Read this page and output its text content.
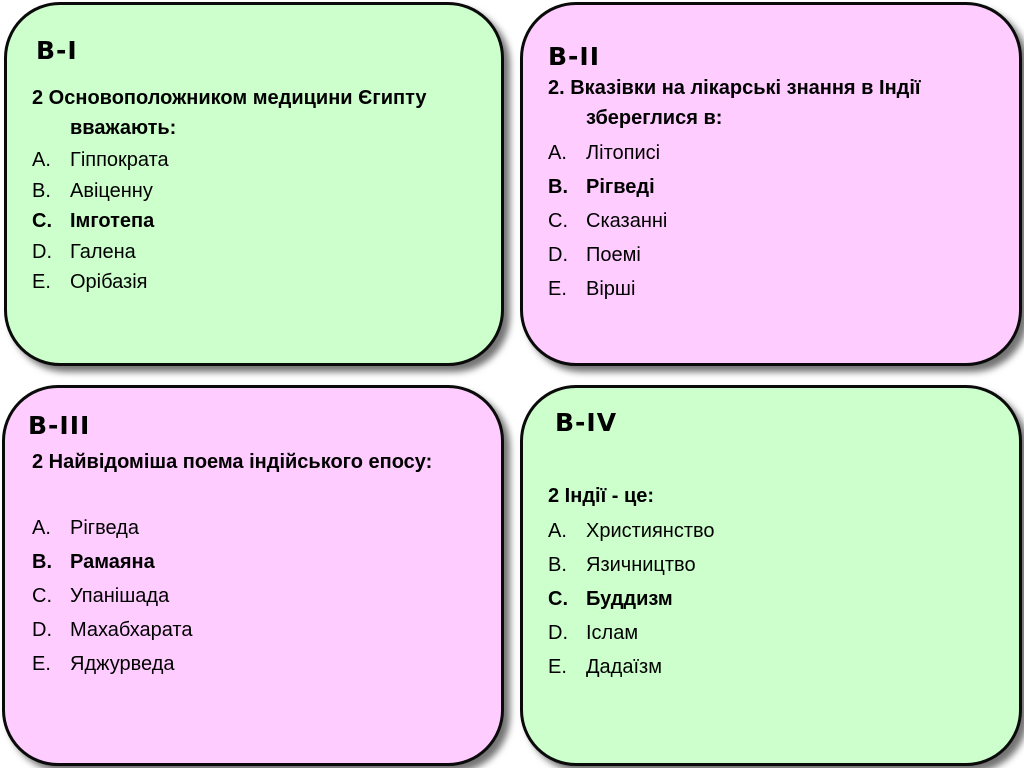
B-I
2 Основоположником медицини Єгипту вважають:
A. Гіппократа
B. Авіценну
C. Імготепа
D. Галена
E. Орібазія
B-II
2. Вказівки на лікарські знання в Індії збереглися в:
A. Літописі
B. Рігведі
C. Сказанні
D. Поемі
E. Вірші
B-III
2 Найвідоміша поема індійського епосу:
A. Рігведа
B. Рамаяна
C. Упанішада
D. Махабхарата
E. Яджурведа
B-IV
2 Індії - це:
A. Християнство
B. Язичництво
C. Буддизм
D. Іслам
E. Дадаїзм
